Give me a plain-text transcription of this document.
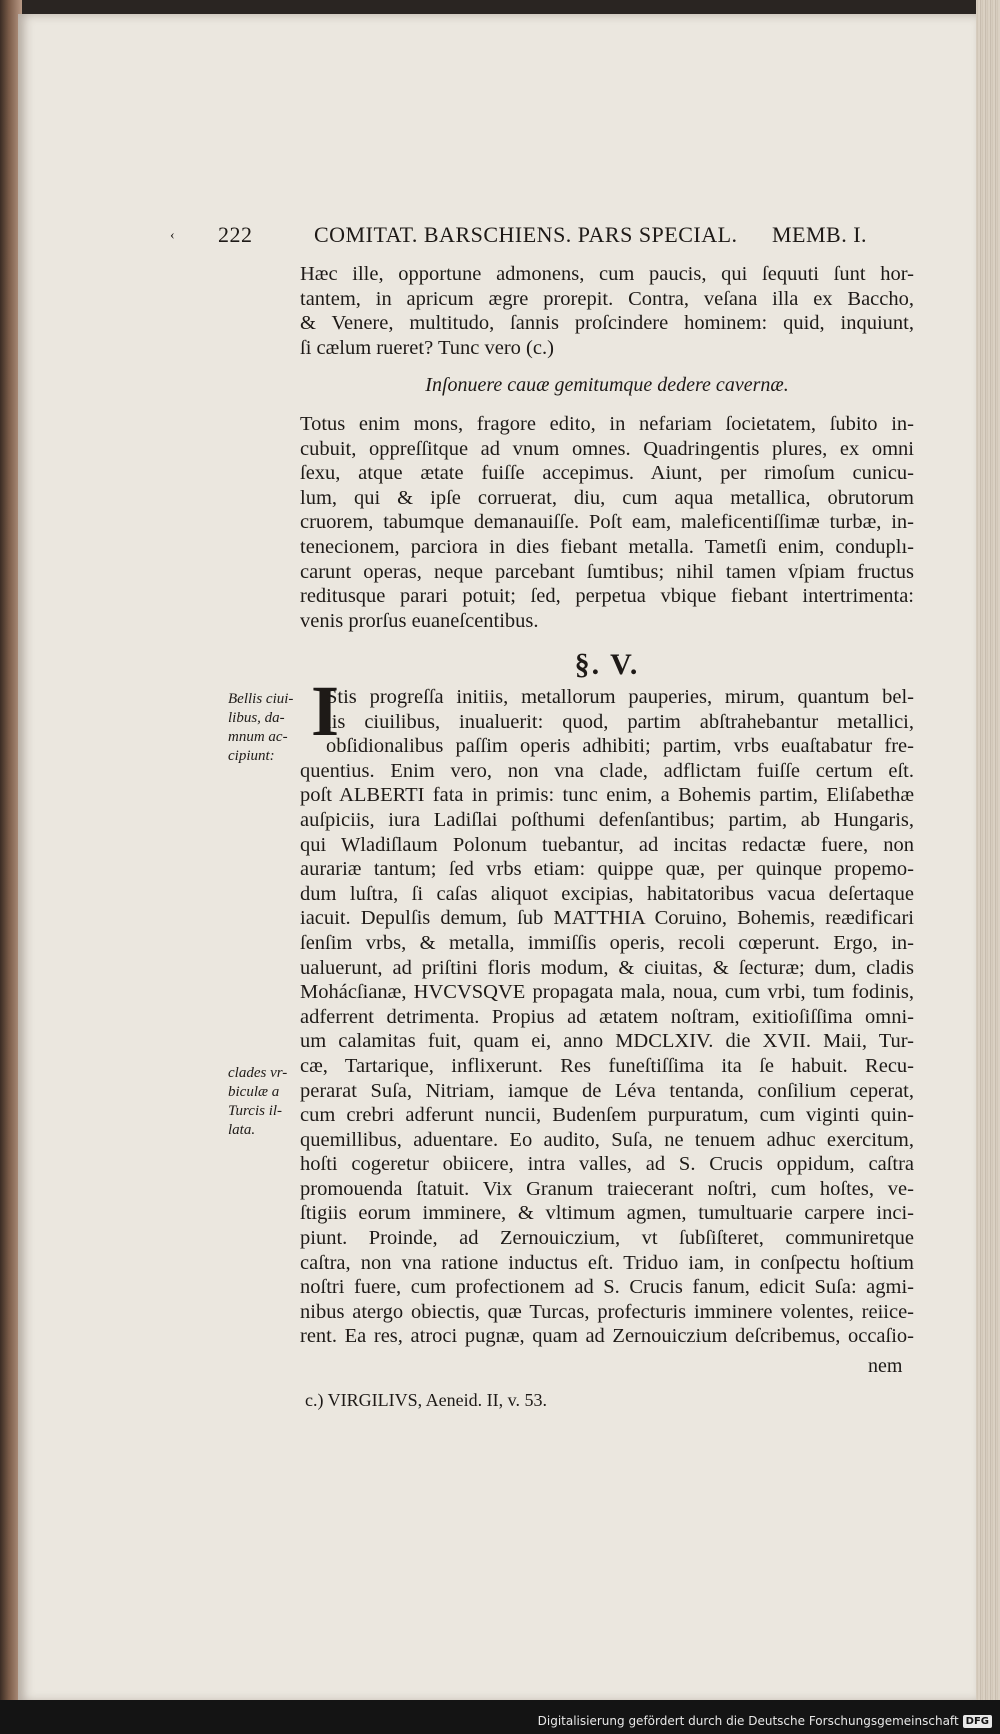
‹ 222	COMITAT. BARSCHIENS. PARS SPECIAL. MEMB. I.
Hæc ille, opportune admonens, cum paucis, qui ſequuti ſunt hor-
tantem, in apricum ægre prorepit. Contra, veſana illa ex Baccho,
& Venere, multitudo, ſannis proſcindere hominem: quid, inquiunt,
ſi cælum rueret? Tunc vero (c.)
Inſonuere cauæ gemitumque dedere cavernæ.
Totus enim mons, fragore edito, in nefariam ſocietatem, ſubito in-
cubuit, oppreſſitque ad vnum omnes. Quadringentis plures, ex omni
ſexu, atque ætate fuiſſe accepimus. Aiunt, per rimoſum cunicu-
lum, qui & ipſe corruerat, diu, cum aqua metallica, obrutorum
cruorem, tabumque demanauiſſe. Poſt eam, maleficentiſſimæ turbæ, in-
tenecionem, parciora in dies fiebant metalla. Tametſi enim, conduplı-
carunt operas, neque parcebant ſumtibus; nihil tamen vſpiam fructus
reditusque parari potuit; ſed, perpetua vbique fiebant intertrimenta:
venis prorſus euaneſcentibus.
§. V.
I
Stis progreſſa initiis, metallorum pauperies, mirum, quantum bel-
lis ciuilibus, inualuerit: quod, partim abſtrahebantur metallici,
obſidionalibus paſſim operis adhibiti; partim, vrbs euaſtabatur fre-
quentius. Enim vero, non vna clade, adflictam fuiſſe certum eſt.
poſt ALBERTI fata in primis: tunc enim, a Bohemis partim, Eliſabethæ
auſpiciis, iura Ladiſlai poſthumi defenſantibus; partim, ab Hungaris,
qui Wladiſlaum Polonum tuebantur, ad incitas redactæ fuere, non
aurariæ tantum; ſed vrbs etiam: quippe quæ, per quinque propemo-
dum luſtra, ſi caſas aliquot excipias, habitatoribus vacua deſertaque
iacuit. Depulſis demum, ſub MATTHIA Coruino, Bohemis, reædificari
ſenſim vrbs, & metalla, immiſſis operis, recoli cœperunt. Ergo, in-
ualuerunt, ad priſtini floris modum, & ciuitas, & ſecturæ; dum, cladis
Mohácſianæ, HVCVSQVE propagata mala, noua, cum vrbi, tum fodinis,
adferrent detrimenta. Propius ad ætatem noſtram, exitioſiſſima omni-
um calamitas fuit, quam ei, anno MDCLXIV. die XVII. Maii, Tur-
cæ, Tartarique, inflixerunt. Res funeſtiſſima ita ſe habuit. Recu-
perarat Suſa, Nitriam, iamque de Léva tentanda, conſilium ceperat,
cum crebri adferunt nuncii, Budenſem purpuratum, cum viginti quin-
quemillibus, aduentare. Eo audito, Suſa, ne tenuem adhuc exercitum,
hoſti cogeretur obiicere, intra valles, ad S. Crucis oppidum, caſtra
promouenda ſtatuit. Vix Granum traiecerant noſtri, cum hoſtes, ve-
ſtigiis eorum imminere, & vltimum agmen, tumultuarie carpere inci-
piunt. Proinde, ad Zernouiczium, vt ſubſiſteret, communiretque
caſtra, non vna ratione inductus eſt. Triduo iam, in conſpectu hoſtium
noſtri fuere, cum profectionem ad S. Crucis fanum, edicit Suſa: agmi-
nibus atergo obiectis, quæ Turcas, profecturis imminere volentes, reiice-
rent. Ea res, atroci pugnæ, quam ad Zernouiczium deſcribemus, occaſio-
nem
Bellis ciui-
libus, da-
mnum ac-
cipiunt:
clades vr-
biculæ a
Turcis il-
lata.
c.) VIRGILIVS, Aeneid. II, v. 53.
Digitalisierung gefördert durch die Deutsche Forschungsgemeinschaft DFG
